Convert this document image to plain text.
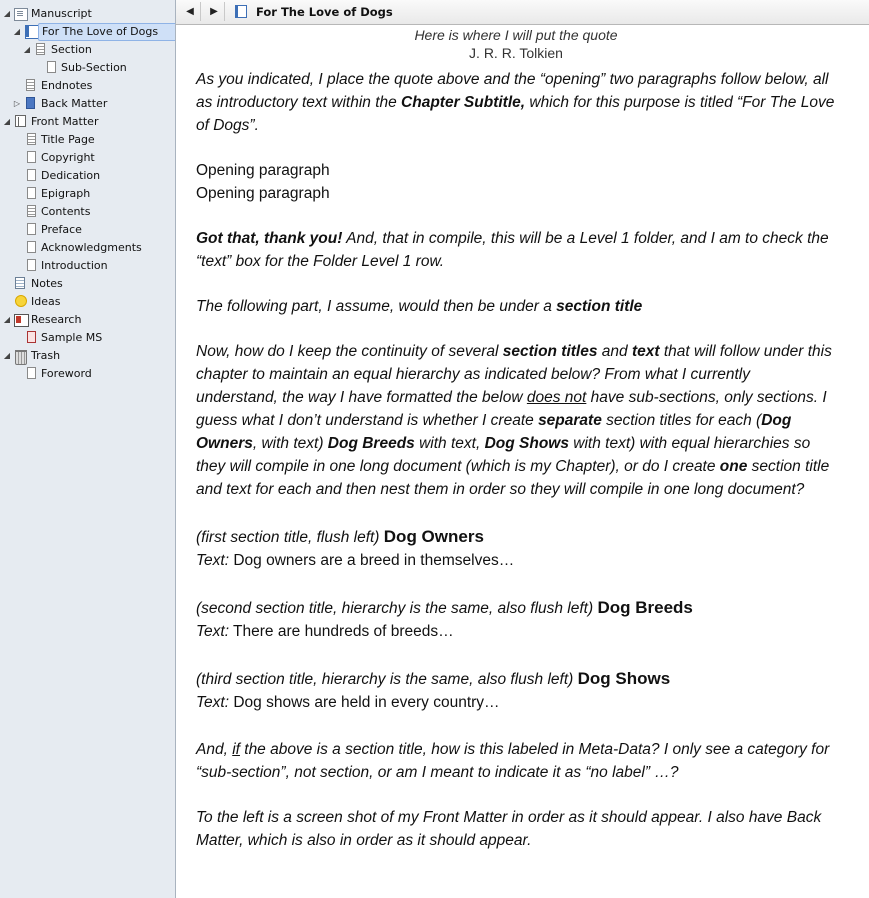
◢ Manuscript
◢	For The Love of Dogs
◢ Section
Sub-Section
Endnotes
▷ Back Matter
◢ Front Matter
Title Page
Copyright
Dedication
Epigraph
Contents
Preface
Acknowledgments
Introduction
Notes
Ideas
◢ Research
Sample MS
◢ Trash
Foreword
◀	▶	For The Love of Dogs
Here is where I will put the quote
J. R. R. Tolkien

As you indicated, I place the quote above and the “opening” two paragraphs follow below, all as introductory text within the Chapter Subtitle, which for this purpose is titled “For The Love of Dogs”.

Opening paragraph

Opening paragraph

Got that, thank you! And, that in compile, this will be a Level 1 folder, and I am to check the “text” box for the Folder Level 1 row.

The following part, I assume, would then be under a section title

Now, how do I keep the continuity of several section titles and text that will follow under this chapter to maintain an equal hierarchy as indicated below? From what I currently understand, the way I have formatted the below does not have sub-sections, only sections. I guess what I don’t understand is whether I create separate section titles for each (Dog Owners, with text) Dog Breeds with text, Dog Shows with text) with equal hierarchies so they will compile in one long document (which is my Chapter), or do I create one section title and text for each and then nest them in order so they will compile in one long document?

(first section title, flush left) Dog Owners

Text: Dog owners are a breed in themselves…

(second section title, hierarchy is the same, also flush left) Dog Breeds

Text: There are hundreds of breeds…

(third section title, hierarchy is the same, also flush left) Dog Shows

Text: Dog shows are held in every country…

And, if the above is a section title, how is this labeled in Meta-Data? I only see a category for “sub-section”, not section, or am I meant to indicate it as “no label” …?

To the left is a screen shot of my Front Matter in order as it should appear. I also have Back Matter, which is also in order as it should appear.
